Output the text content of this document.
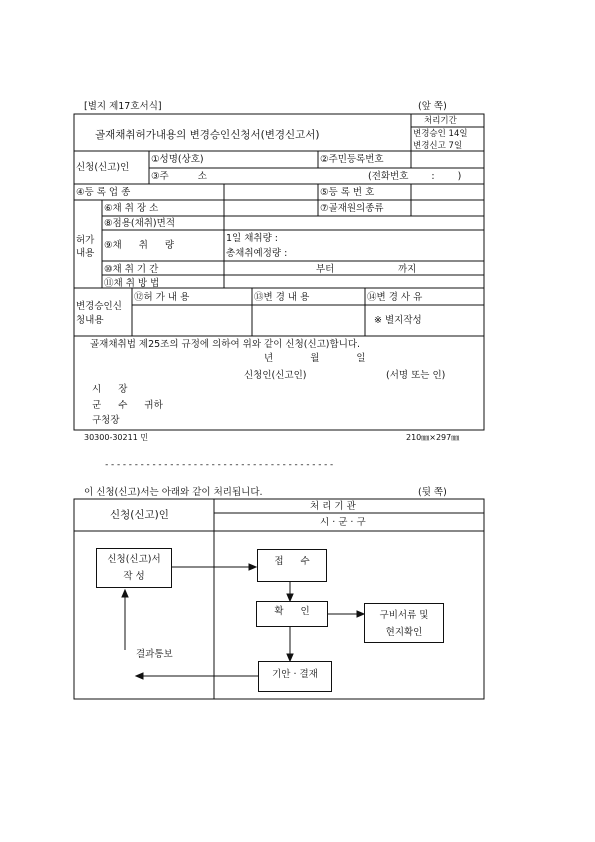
[별지 제17호서식]	(앞 쪽)
골재채취허가내용의 변경승인신청서(변경신고서)
처리기간
변경승인 14일
변경신고 7일
신청(신고)인
①성명(상호)	②주민등록번호
③주 소	(전화번호 : )
④등 록 업 종	⑤등 록 번 호
허가내용
⑥채 취 장 소	⑦골재원의종류
⑧점용(채취)면적
⑨채 취 량
1일 채취량 :
총채취예정량 :
⑩채 취 기 간	부터	까지
⑪채 취 방 법
변경승인신청내용
⑫허 가 내 용	⑬변 경 내 용	⑭변 경 사 유
※ 별지작성
골재채취법 제25조의 규정에 의하여 위와 같이 신청(신고)합니다.
년 월 일
신청인(신고인)	(서명 또는 인)
시 장
군 수 귀하
구청장
30300-30211 민	210㎜×297㎜
---------------------------------------
이 신청(신고)서는 아래와 같이 처리됩니다.	(뒷 쪽)
신청(신고)인
처 리 기 관
시 · 군 · 구
신청(신고)서
작 성
접 수
확 인	구비서류 및
현지확인
기안 · 결재
결과통보
